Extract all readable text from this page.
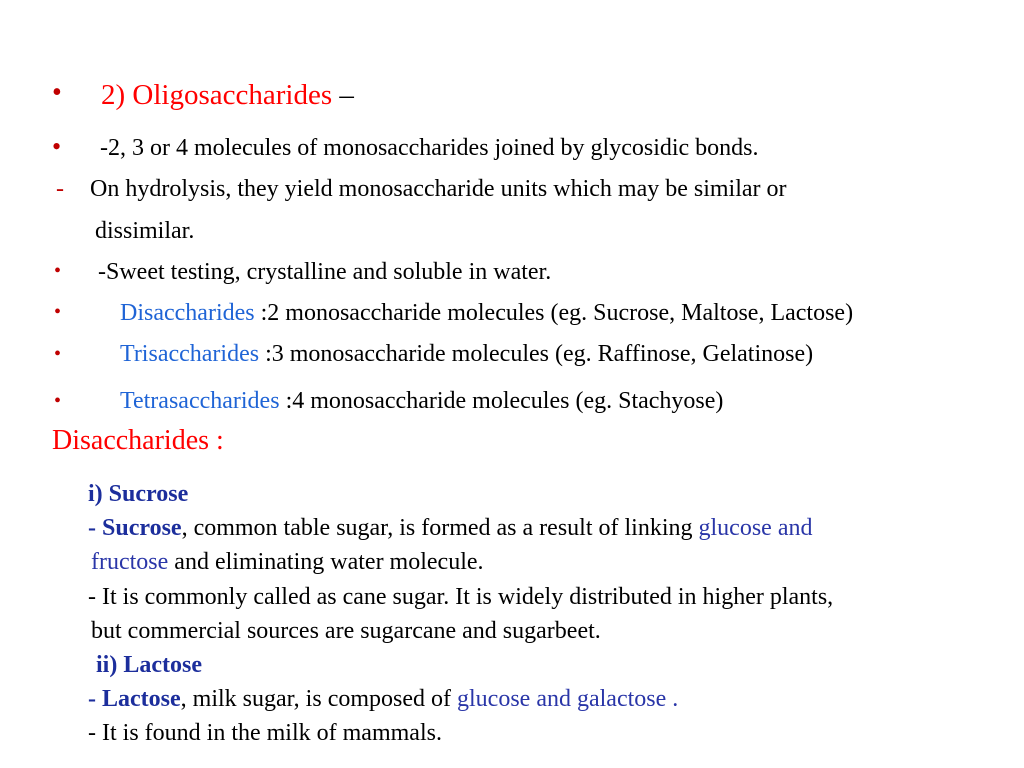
• 2) Oligosaccharides –
• -2, 3 or 4 molecules of monosaccharides joined by glycosidic bonds.
- On hydrolysis, they yield monosaccharide units which may be similar or
dissimilar.
• -Sweet testing, crystalline and soluble in water.
• Disaccharides :2 monosaccharide molecules (eg. Sucrose, Maltose, Lactose)
• Trisaccharides :3 monosaccharide molecules (eg. Raffinose, Gelatinose)
• Tetrasaccharides :4 monosaccharide molecules (eg. Stachyose)
Disaccharides :
i) Sucrose
- Sucrose, common table sugar, is formed as a result of linking glucose and
fructose and eliminating water molecule.
- It is commonly called as cane sugar. It is widely distributed in higher plants,
but commercial sources are sugarcane and sugarbeet.
ii) Lactose
- Lactose, milk sugar, is composed of glucose and galactose .
- It is found in the milk of mammals.
